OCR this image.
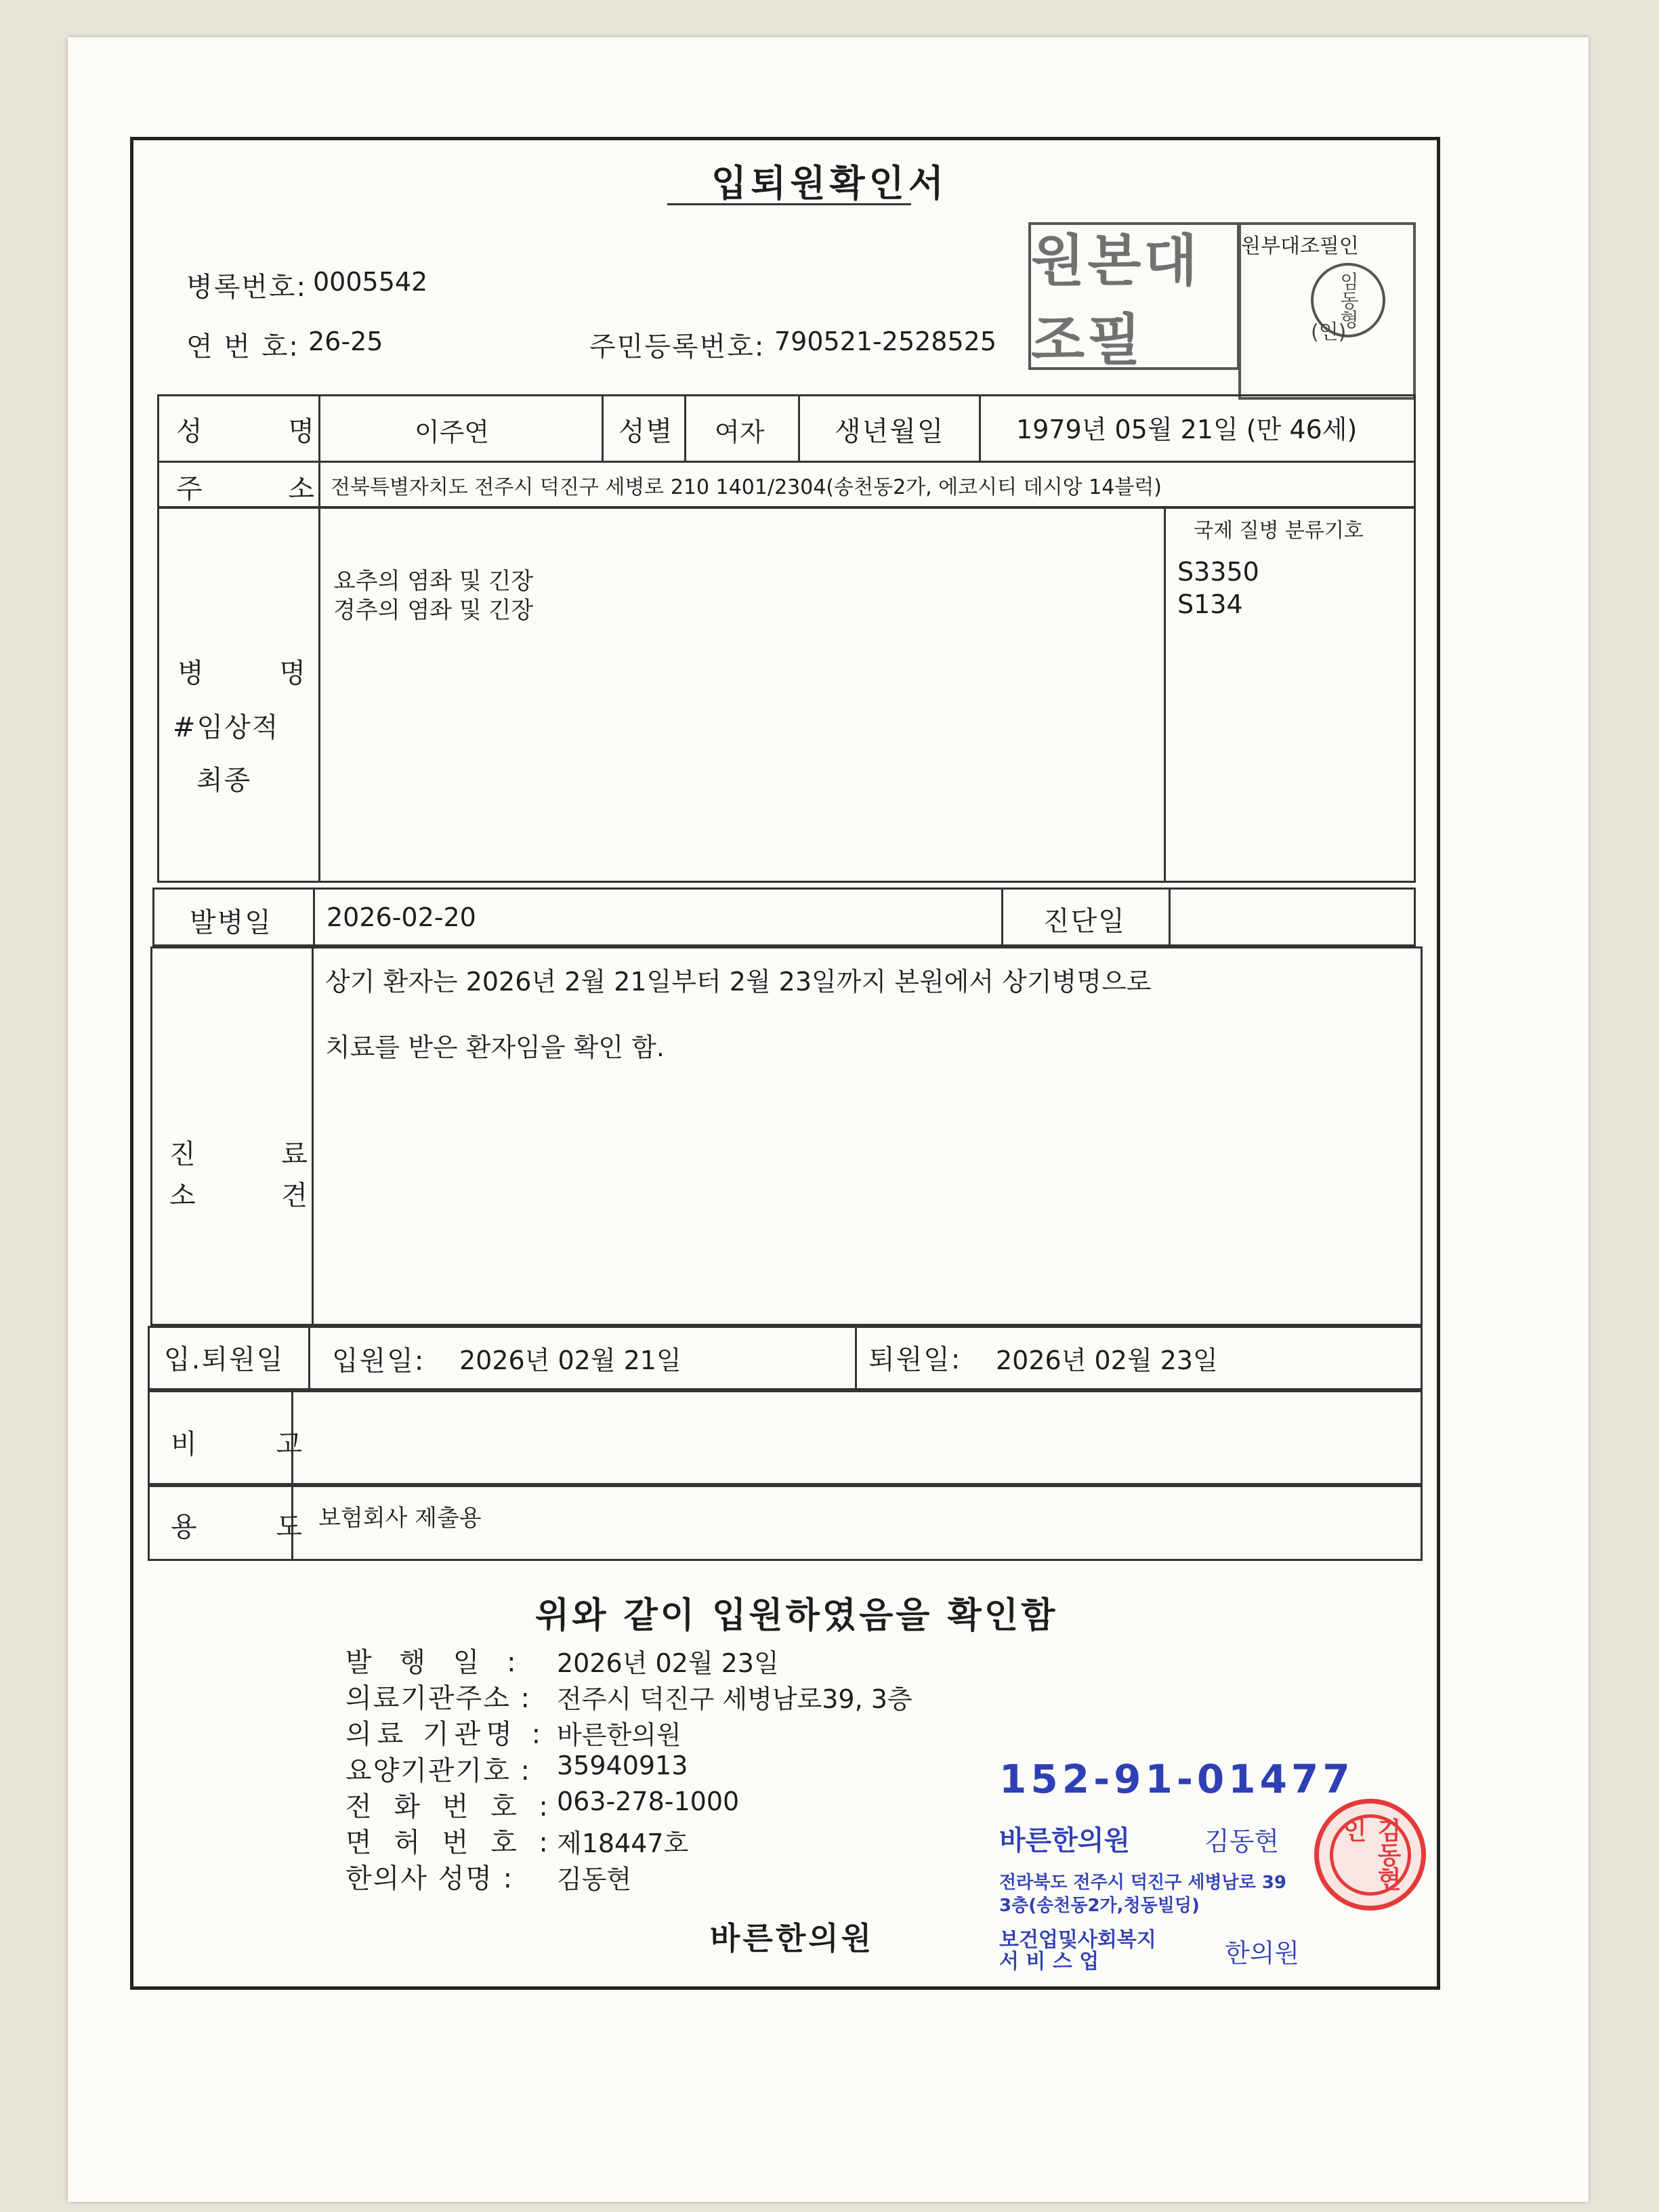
입퇴원확인서
병록번호: 0005542
연 번 호: 26-25	주민등록번호: 790521-2528525
원본대조필
원부대조필인
임동형
(인)
성 명	이주연	성별 여자	생년월일	1979년 05월 21일 (만 46세)
주 소 전북특별자치도 전주시 덕진구 세병로 210 1401/2304(송천동2가, 에코시티 데시앙 14블럭)
병 명
#임상적
최종
요추의 염좌 및 긴장
경추의 염좌 및 긴장
국제 질병 분류기호
S3350
S134
발병일 2026-02-20	진단일
진 료
소 견
상기 환자는 2026년 2월 21일부터 2월 23일까지 본원에서 상기병명으로
치료를 받은 환자임을 확인 함.
입.퇴원일 입원일: 2026년 02월 21일	퇴원일: 2026년 02월 23일
비 고
용 도 보험회사 제출용
위와 같이 입원하였음을 확인함
발 행 일 : 2026년 02월 23일
의료기관주소 : 전주시 덕진구 세병남로39, 3층
의료 기관명 : 바른한의원
요양기관기호 : 35940913
전 화 번 호 : 063-278-1000
면 허 번 호 : 제18447호
한의사 성명 : 김동현
바른한의원
152-91-01477
바른한의원	김동현
전라북도 전주시 덕진구 세병남로 39
3층(송천동2가,청동빌딩)
보건업및사회복지
서 비 스 업	한의원
김동현인
